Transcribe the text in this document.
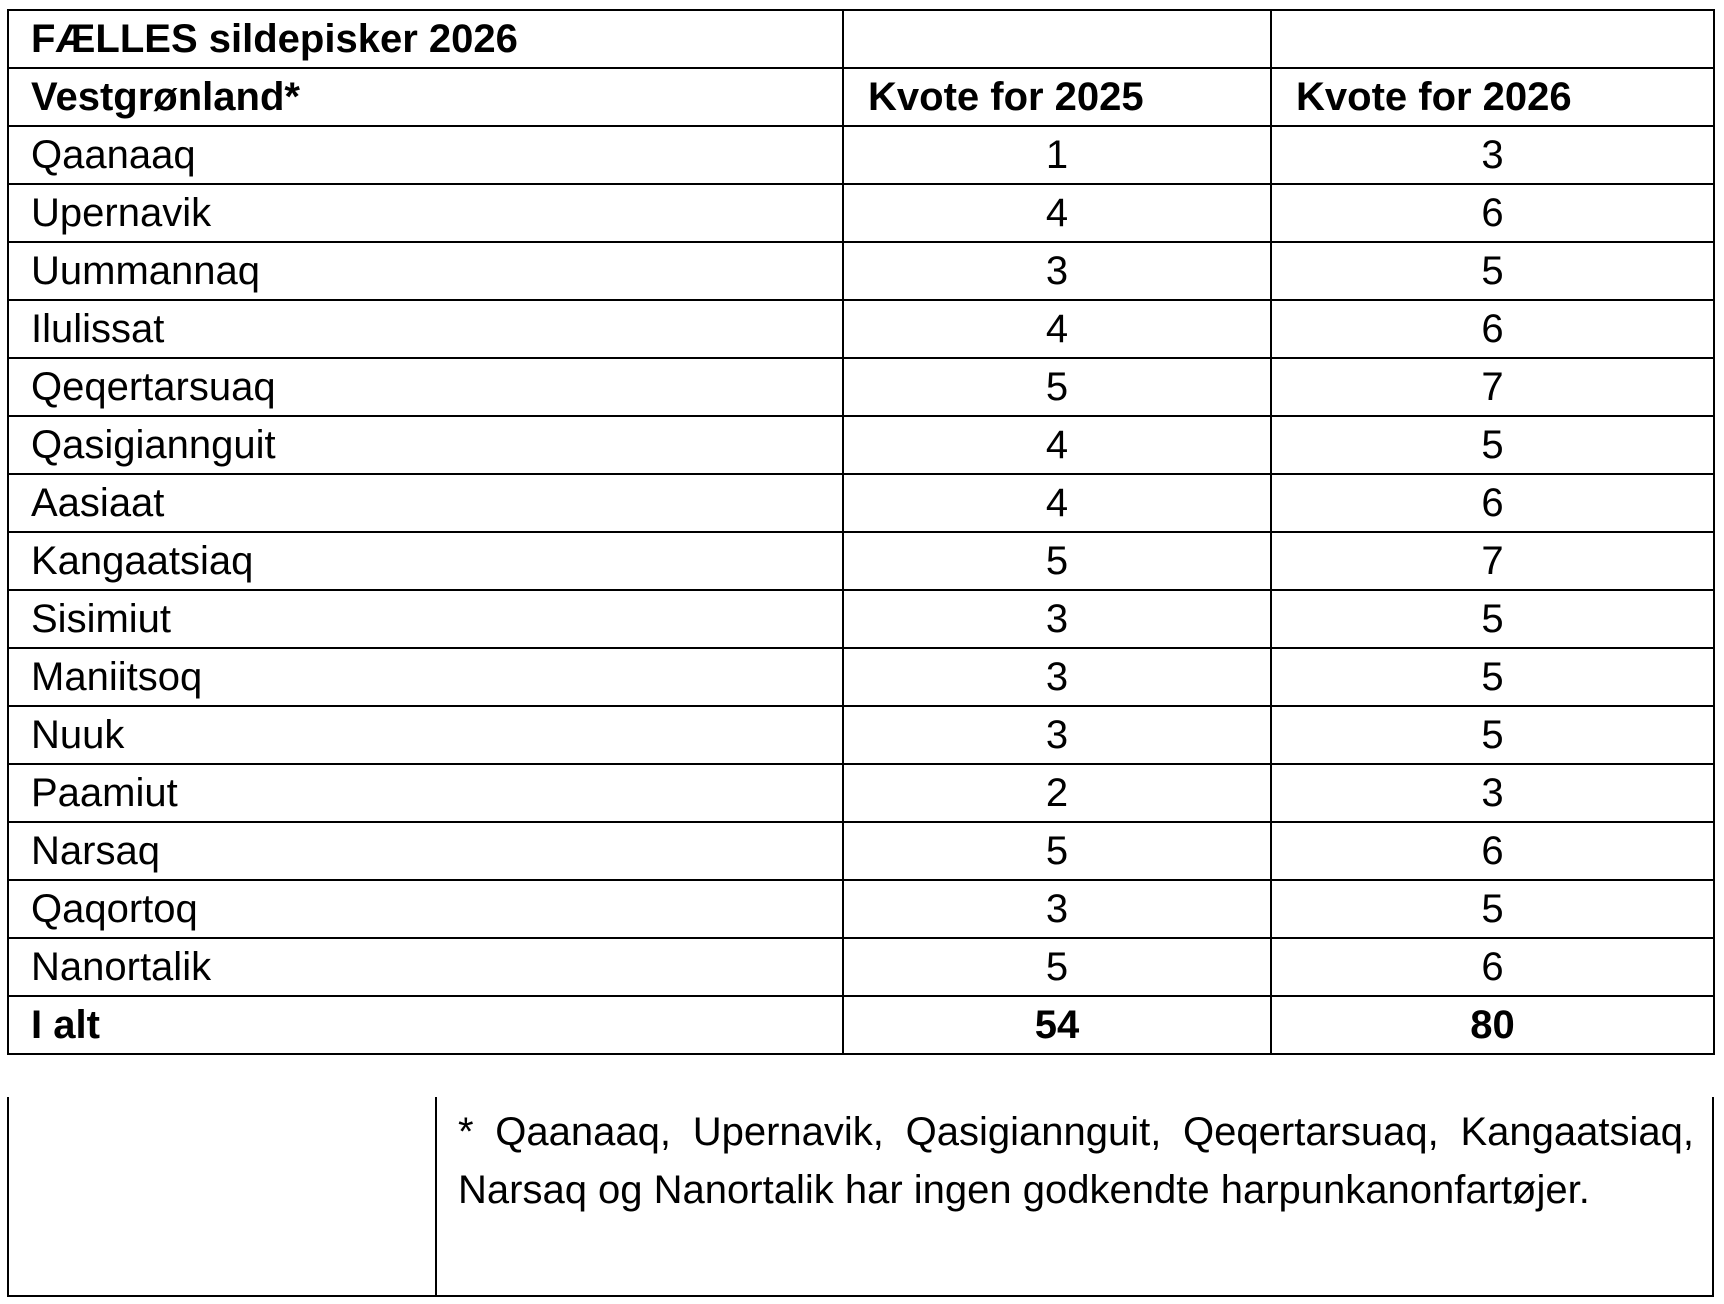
FÆLLES sildepisker 2026		
Vestgrønland*	Kvote for 2025	Kvote for 2026
Qaanaaq	1	3
Upernavik	4	6
Uummannaq	3	5
Ilulissat	4	6
Qeqertarsuaq	5	7
Qasigiannguit	4	5
Aasiaat	4	6
Kangaatsiaq	5	7
Sisimiut	3	5
Maniitsoq	3	5
Nuuk	3	5
Paamiut	2	3
Narsaq	5	6
Qaqortoq	3	5
Nanortalik	5	6
I alt	54	80
* Qaanaaq, Upernavik, Qasigiannguit, Qeqertarsuaq, Kangaatsiaq, Narsaq og Nanortalik har ingen godkendte harpunkanonfartøjer.
